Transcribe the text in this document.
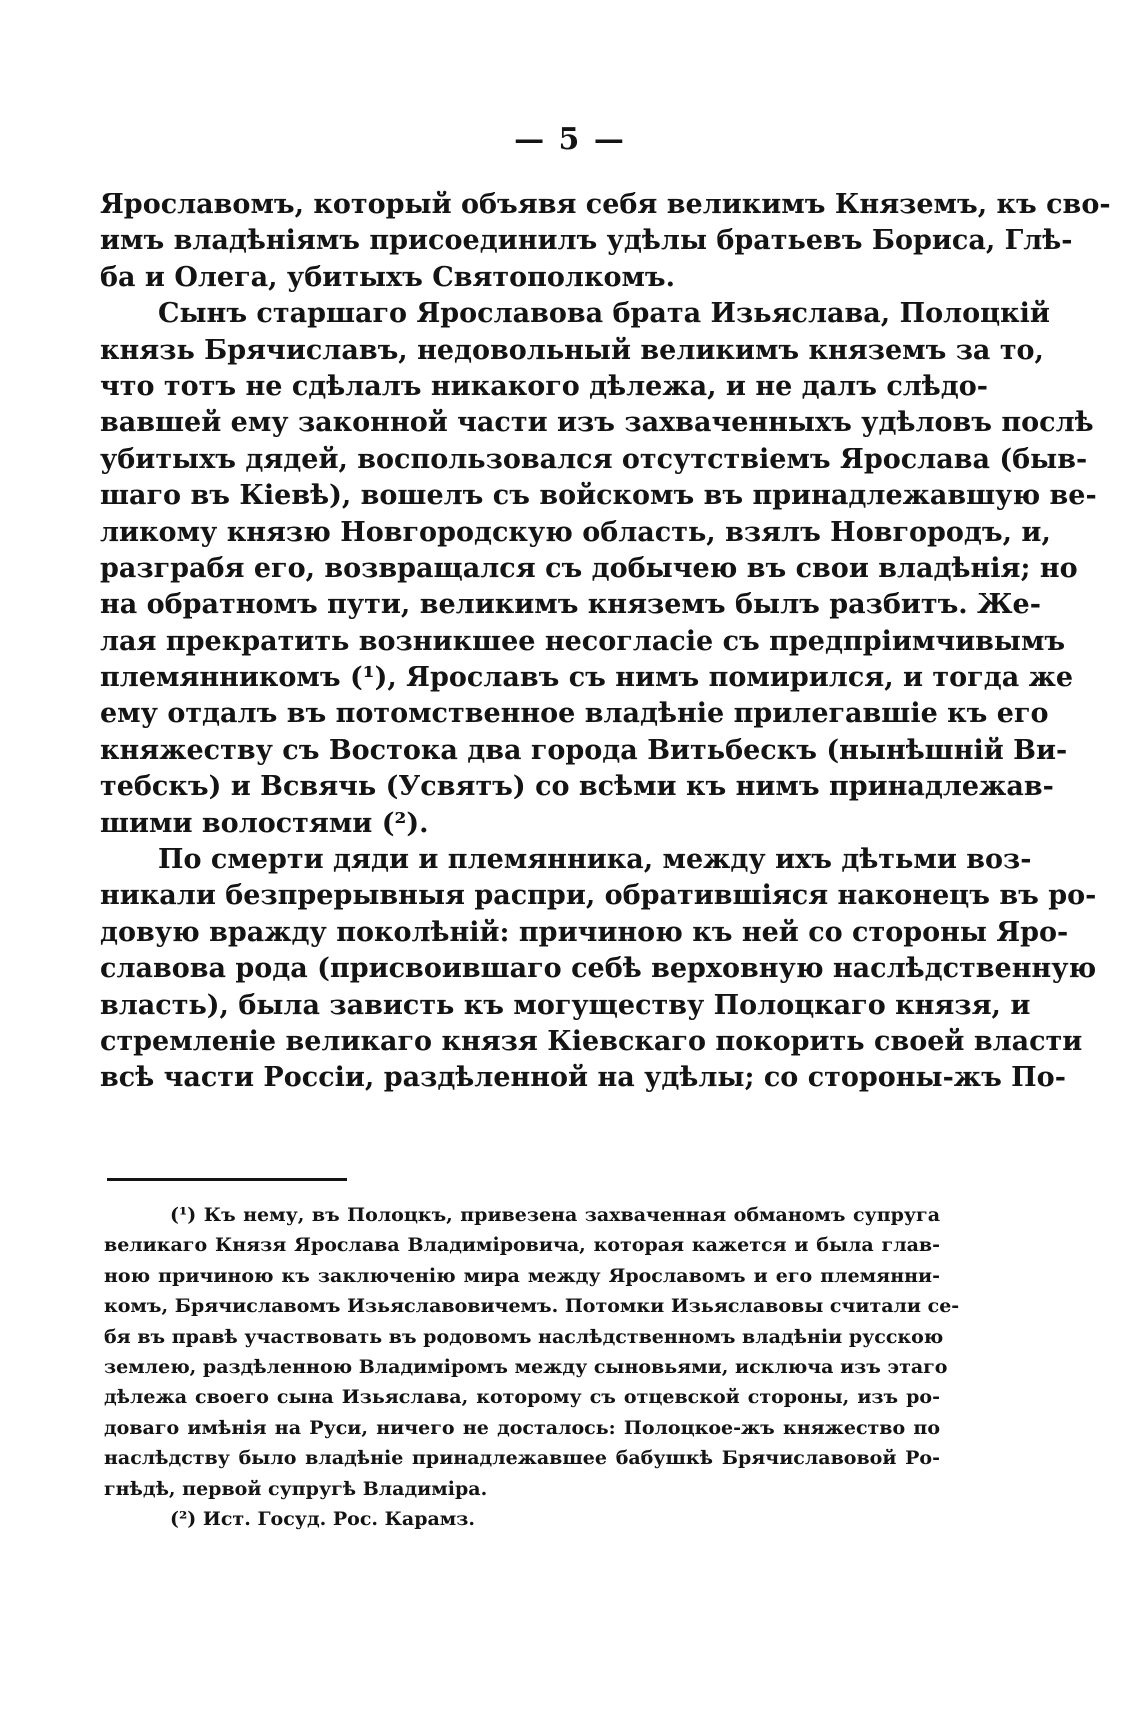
— 5 —
Ярославомъ, который объявя себя великимъ Княземъ, къ сво-
имъ владѣніямъ присоединилъ удѣлы братьевъ Бориса, Глѣ-
ба и Олега, убитыхъ Святополкомъ.
Сынъ старшаго Ярославова брата Изьяслава, Полоцкій
князь Брячиславъ, недовольный великимъ княземъ за то,
что тотъ не сдѣлалъ никакого дѣлежа, и не далъ слѣдо-
вавшей ему законной части изъ захваченныхъ удѣловъ послѣ
убитыхъ дядей, воспользовался отсутствіемъ Ярослава (быв-
шаго въ Кіевѣ), вошелъ съ войскомъ въ принадлежавшую ве-
ликому князю Новгородскую область, взялъ Новгородъ, и,
разграбя его, возвращался съ добычею въ свои владѣнія; но
на обратномъ пути, великимъ княземъ былъ разбитъ. Же-
лая прекратить возникшее несогласіе съ предпріимчивымъ
племянникомъ (¹), Ярославъ съ нимъ помирился, и тогда же
ему отдалъ въ потомственное владѣніе прилегавшіе къ его
княжеству съ Востока два города Витьбескъ (нынѣшній Ви-
тебскъ) и Всвячь (Усвятъ) со всѣми къ нимъ принадлежав-
шими волостями (²).
По смерти дяди и племянника, между ихъ дѣтьми воз-
никали безпрерывныя распри, обратившіяся наконецъ въ ро-
довую вражду поколѣній: причиною къ ней со стороны Яро-
славова рода (присвоившаго себѣ верховную наслѣдственную
власть), была зависть къ могуществу Полоцкаго князя, и
стремленіе великаго князя Кіевскаго покорить своей власти
всѣ части Россіи, раздѣленной на удѣлы; со стороны-жъ По-
(¹) Къ нему, въ Полоцкъ, привезена захваченная обманомъ супруга
великаго Князя Ярослава Владиміровича, которая кажется и была глав-
ною причиною къ заключенію мира между Ярославомъ и его племянни-
комъ, Брячиславомъ Изьяславовичемъ. Потомки Изьяславовы считали се-
бя въ правѣ участвовать въ родовомъ наслѣдственномъ владѣніи русскою
землею, раздѣленною Владиміромъ между сыновьями, исключа изъ этаго
дѣлежа своего сына Изьяслава, которому съ отцевской стороны, изъ ро-
доваго имѣнія на Руси, ничего не досталось: Полоцкое-жъ княжество по
наслѣдству было владѣніе принадлежавшее бабушкѣ Брячиславовой Ро-
гнѣдѣ, первой супругѣ Владиміра.
(²) Ист. Госуд. Рос. Карамз.
